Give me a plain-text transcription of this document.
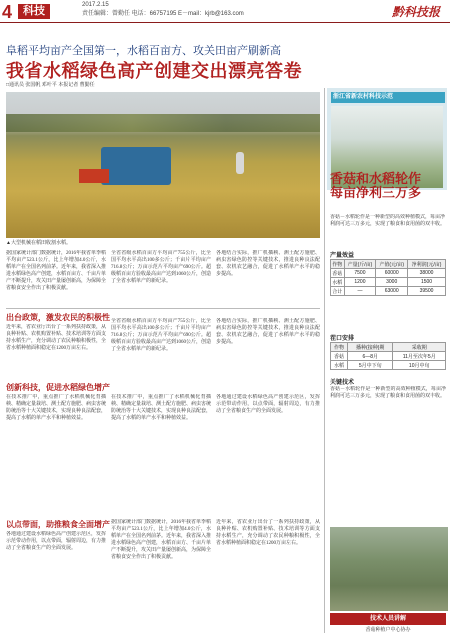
4 科技	2017.2.15
责任编辑：曾勤任 电话：66757195 E－mail：kjrb@163.com	黔科技报
阜稻平均亩产全国第一，水稻百亩方、攻关田亩产刷新高
我省水稻绿色高产创建交出漂亮答卷
□通讯员 张国帆 邓叶平 本报记者 曹勤任
▲大型机械在稻田收割水稻。
据国家统计部门数据统计，2016年我省单季稻平均亩产523.1公斤，比上年增加4.0公斤，水稻单产在全国名列前茅。近年来，我省深入推进水稻绿色高产创建，水稻百亩方、千亩片单产不断提升，攻关田产量屡创新高，为保障全省粮食安全作出了积极贡献。
全省省级水稻百亩方平均亩产755公斤，比全国平均水平高出100多公斤；千亩片平均亩产716.8公斤；万亩示范片平均亩产690公斤。超级稻百亩方验收最高亩产达到1060公斤，创造了全省水稻单产的新纪录。
各地结合实际，推广机插秧、测土配方施肥、病虫害绿色防控等关键技术，推进良种良法配套、农机农艺融合，促进了水稻单产水平的稳步提高。
出台政策，激发农民的积极性
近年来，省农业厅出台了一系列扶持政策，从良种补贴、农机购置补贴、技术培训等方面支持水稻生产，充分调动了农民种粮积极性，全省水稻种植面积稳定在1200万亩左右。
全省省级水稻百亩方平均亩产755公斤，比全国平均水平高出100多公斤；千亩片平均亩产716.8公斤；万亩示范片平均亩产690公斤。超级稻百亩方验收最高亩产达到1060公斤，创造了全省水稻单产的新纪录。
各地结合实际，推广机插秧、测土配方施肥、病虫害绿色防控等关键技术，推进良种良法配套、农机农艺融合，促进了水稻单产水平的稳步提高。
创新科技，促进水稻绿色增产
在技术推广中，重点推广了水稻机械化育插秧、精确定量栽培、测土配方施肥、病虫害统防统治等十大关键技术，实现良种良法配套，提高了水稻的单产水平和种植效益。
在技术推广中，重点推广了水稻机械化育插秧、精确定量栽培、测土配方施肥、病虫害统防统治等十大关键技术，实现良种良法配套，提高了水稻的单产水平和种植效益。
各地通过建设水稻绿色高产创建示范区，发挥示范带动作用，以点带面，辐射周边，有力推动了全省粮食生产的全面发展。
以点带面，助推粮食全面增产
各地通过建设水稻绿色高产创建示范区，发挥示范带动作用，以点带面，辐射周边，有力推动了全省粮食生产的全面发展。
据国家统计部门数据统计，2016年我省单季稻平均亩产523.1公斤，比上年增加4.0公斤，水稻单产在全国名列前茅。近年来，我省深入推进水稻绿色高产创建，水稻百亩方、千亩片单产不断提升，攻关田产量屡创新高，为保障全省粮食安全作出了积极贡献。
近年来，省农业厅出台了一系列扶持政策，从良种补贴、农机购置补贴、技术培训等方面支持水稻生产，充分调动了农民种粮积极性，全省水稻种植面积稳定在1200万亩左右。
浙江省新农村科技示范
香菇和水稻轮作
每亩净利三万多
香菇－水稻轮作是一种新型的高效种植模式，每亩净利润可达三万多元，实现了粮食和食用菌的双丰收。
产量效益
作物	产量(斤/亩)	产值(元/亩)	净利润(元/亩)
香菇	7500	60000	38000
水稻	1200	3000	1500
合计	—	63000	39500
茬口安排
作物	播种(接种)期	采收期
香菇	6—8月	11月至次年5月
水稻	5月中下旬	10月中旬
关键技术
香菇－水稻轮作是一种新型的高效种植模式，每亩净利润可达三万多元，实现了粮食和食用菌的双丰收。
技术人员讲解
香菇种植户中心协办
